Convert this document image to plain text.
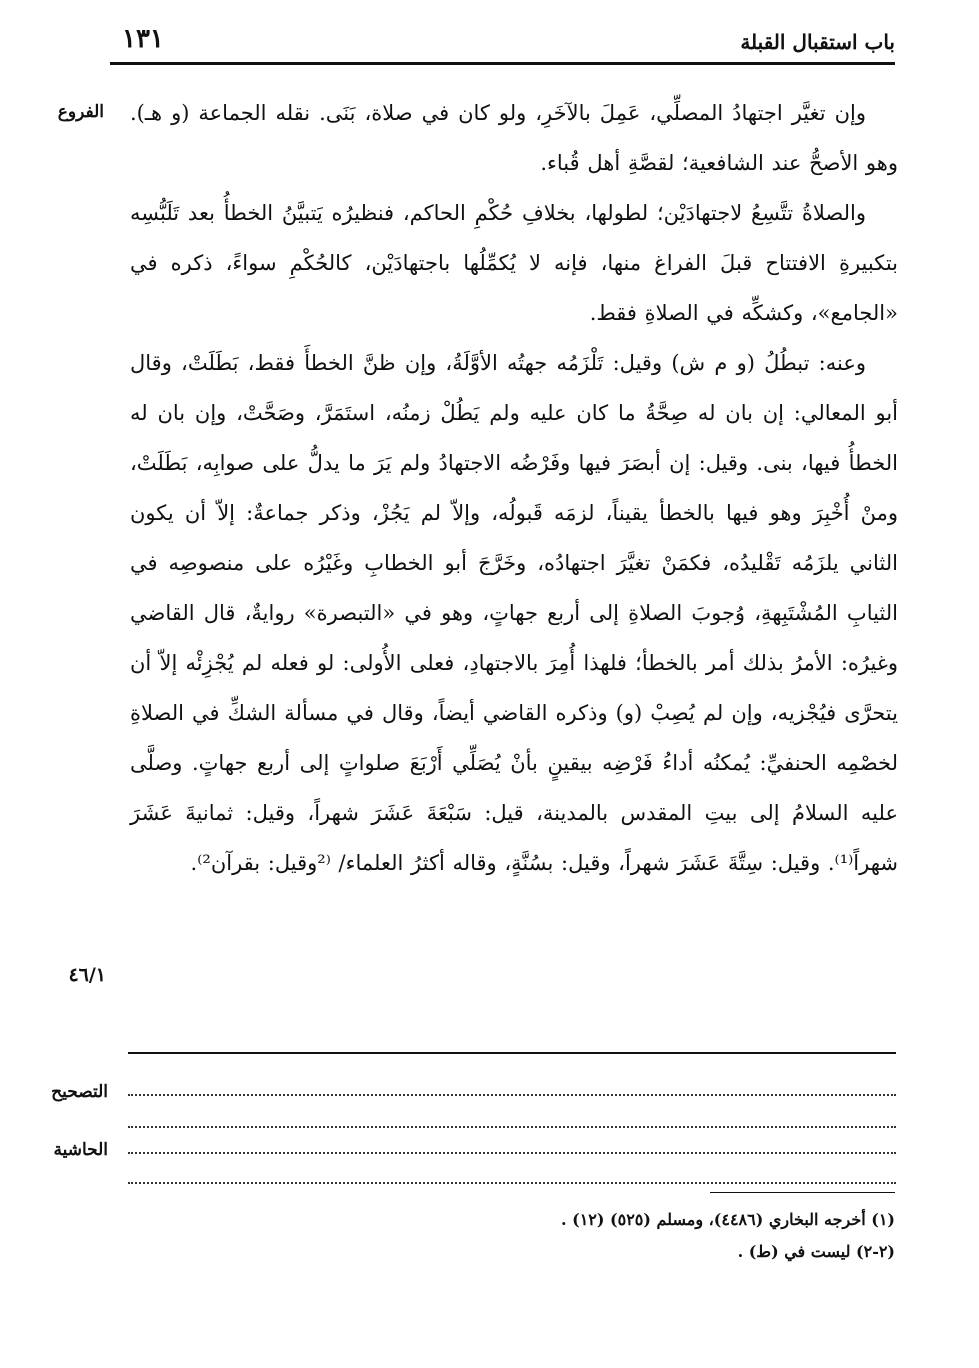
باب استقبال القبلة
١٣١
الفروع
٤٦/١

وإن تغيَّر اجتهادُ المصلِّي، عَمِلَ بالآخَرِ، ولو كان في صلاة، بَنَى. نقله الجماعة (و هـ). وهو الأصحُّ عند الشافعية؛ لقصَّةِ أهل قُباء.

والصلاةُ تتَّسِعُ لاجتهادَيْن؛ لطولها، بخلافِ حُكْمِ الحاكم، فنظيرُه يَتبيَّنُ الخطأُ بعد تَلَبُّسِه بتكبيرةِ الافتتاح قبلَ الفراغ منها، فإنه لا يُكمِّلُها باجتهادَيْن، كالحُكْمِ سواءً، ذكره في «الجامع»، وكشكِّه في الصلاةِ فقط.

وعنه: تبطُلُ (و م ش) وقيل: تَلْزَمُه جهتُه الأوَّلَةُ، وإن ظنَّ الخطأَ فقط، بَطَلَتْ، وقال أبو المعالي: إن بان له صِحَّةُ ما كان عليه ولم يَطُلْ زمنُه، استَمَرَّ، وصَحَّتْ، وإن بان له الخطأُ فيها، بنى. وقيل: إن أبصَرَ فيها وفَرْضُه الاجتهادُ ولم يَرَ ما يدلُّ على صوابِه، بَطَلَتْ، ومنْ أُخْبِرَ وهو فيها بالخطأ يقيناً، لزمَه قَبولُه، وإلاّ لم يَجُزْ، وذكر جماعةٌ: إلاّ أن يكون الثاني يلزَمُه تَقْليدُه، فكمَنْ تغيَّرَ اجتهادُه، وخَرَّجَ أبو الخطابِ وغَيْرُه على منصوصِه في الثيابِ المُشْتَبِهةِ، وُجوبَ الصلاةِ إلى أربع جهاتٍ، وهو في «التبصرة» روايةٌ، قال القاضي وغيرُه: الأمرُ بذلك أمر بالخطأ؛ فلهذا أُمِرَ بالاجتهادِ، فعلى الأُولى: لو فعله لم يُجْزِئْه إلاّ أن يتحرَّى فيُجْزيه، وإن لم يُصِبْ (و) وذكره القاضي أيضاً، وقال في مسألة الشكِّ في الصلاةِ لخصْمِه الحنفيِّ: يُمكنُه أداءُ فَرْضِه بيقينٍ بأنْ يُصَلِّي أَرْبَعَ صلواتٍ إلى أربع جهاتٍ. وصلَّى عليه السلامُ إلى بيتِ المقدس بالمدينة، قيل: سَبْعَةَ عَشَرَ شهراً، وقيل: ثمانيةَ عَشَرَ شهراً⁽¹⁾. وقيل: سِتَّةَ عَشَرَ شهراً، وقيل: بسُنَّةٍ، وقاله أكثرُ العلماء/ ⁽²وقيل: بقرآن²⁾.

التصحيح
الحاشية

(١) أخرجه البخاري (٤٤٨٦)، ومسلم (٥٢٥) (١٢) .

(٢-٢) ليست في (ط) .
